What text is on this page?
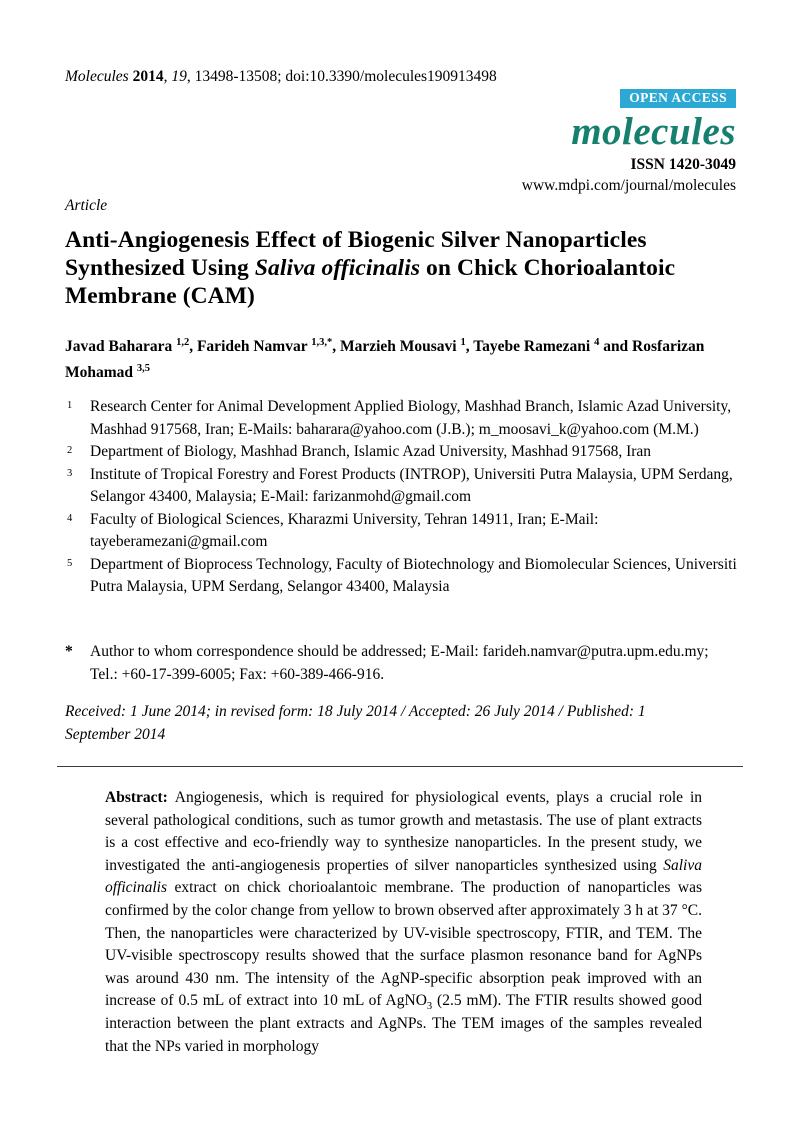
Molecules 2014, 19, 13498-13508; doi:10.3390/molecules190913498
OPEN ACCESS
molecules
ISSN 1420-3049
www.mdpi.com/journal/molecules
Article
Anti-Angiogenesis Effect of Biogenic Silver Nanoparticles Synthesized Using Saliva officinalis on Chick Chorioalantoic Membrane (CAM)
Javad Baharara $^{1,2}$, Farideh Namvar $^{1,3,*}$, Marzieh Mousavi $^1$, Tayebe Ramezani $^4$ and Rosfarizan Mohamad $^{3,5}$
1 Research Center for Animal Development Applied Biology, Mashhad Branch, Islamic Azad University, Mashhad 917568, Iran; E-Mails: baharara@yahoo.com (J.B.); m_moosavi_k@yahoo.com (M.M.)
2 Department of Biology, Mashhad Branch, Islamic Azad University, Mashhad 917568, Iran
3 Institute of Tropical Forestry and Forest Products (INTROP), Universiti Putra Malaysia, UPM Serdang, Selangor 43400, Malaysia; E-Mail: farizanmohd@gmail.com
4 Faculty of Biological Sciences, Kharazmi University, Tehran 14911, Iran; E-Mail: tayeberamezani@gmail.com
5 Department of Bioprocess Technology, Faculty of Biotechnology and Biomolecular Sciences, Universiti Putra Malaysia, UPM Serdang, Selangor 43400, Malaysia
* Author to whom correspondence should be addressed; E-Mail: farideh.namvar@putra.upm.edu.my; Tel.: +60-17-399-6005; Fax: +60-389-466-916.
Received: 1 June 2014; in revised form: 18 July 2014 / Accepted: 26 July 2014 / Published: 1 September 2014
Abstract: Angiogenesis, which is required for physiological events, plays a crucial role in several pathological conditions, such as tumor growth and metastasis. The use of plant extracts is a cost effective and eco-friendly way to synthesize nanoparticles. In the present study, we investigated the anti-angiogenesis properties of silver nanoparticles synthesized using Saliva officinalis extract on chick chorioalantoic membrane. The production of nanoparticles was confirmed by the color change from yellow to brown observed after approximately 3 h at 37 °C. Then, the nanoparticles were characterized by UV-visible spectroscopy, FTIR, and TEM. The UV-visible spectroscopy results showed that the surface plasmon resonance band for AgNPs was around 430 nm. The intensity of the AgNP-specific absorption peak improved with an increase of 0.5 mL of extract into 10 mL of AgNO$_3$ (2.5 mM). The FTIR results showed good interaction between the plant extracts and AgNPs. The TEM images of the samples revealed that the NPs varied in morphology
